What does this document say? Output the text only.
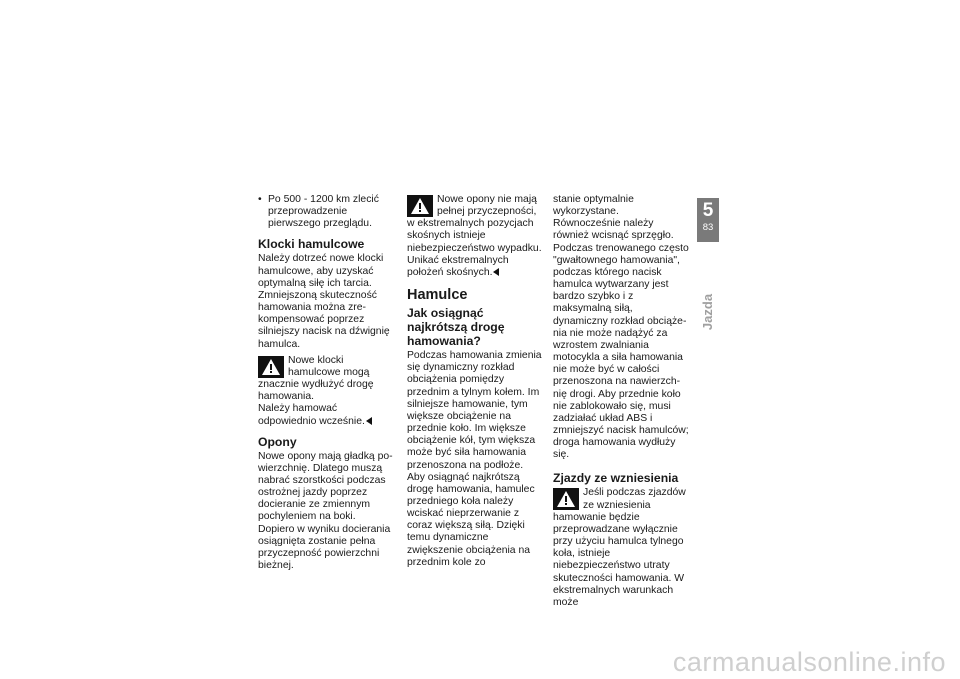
• Po 500 - 1200 km zlecić przeprowadzenie pierwszego przeglądu.

Klocki hamulcowe

Należy dotrzeć nowe klocki hamulcowe, aby uzyskać optymalną siłę ich tarcia. Zmniejszoną skuteczność hamowania można zrekompensować poprzez silniejszy nacisk na dźwignię hamulca.

Nowe klocki hamulcowe mogą znacznie wydłużyć drogę hamowania.

Należy hamować odpowiednio wcześnie.

Opony

Nowe opony mają gładką powierzchnię. Dlatego muszą nabrać szorstkości podczas ostrożnej jazdy poprzez docieranie ze zmiennym pochyleniem na boki. Dopiero w wyniku docierania osiągnięta zostanie pełna przyczepność powierzchni bieżnej.

Nowe opony nie mają pełnej przyczepności, w ekstremalnych pozycjach skośnych istnieje niebezpieczeństwo wypadku.

Unikać ekstremalnych położeń skośnych.

Hamulce
Jak osiągnąć najkrótszą drogę hamowania?

Podczas hamowania zmienia się dynamiczny rozkład obciążenia pomiędzy przednim a tylnym kołem. Im silniejsze hamowanie, tym większe obciążenie na przednie koło. Im większe obciążenie kół, tym większa może być siła hamowania przenoszona na podłoże.

Aby osiągnąć najkrótszą drogę hamowania, hamulec przedniego koła należy wciskać nieprzerwanie z coraz większą siłą. Dzięki temu dynamiczne zwiększenie obciążenia na przednim kole zo

stanie optymalnie wykorzystane. Równocześnie należy również wcisnąć sprzęgło. Podczas trenowanego często "gwałtownego hamowania", podczas którego nacisk hamulca wytwarzany jest bardzo szybko i z maksymalną siłą, dynamiczny rozkład obciążenia nie może nadążyć za wzrostem zwalniania motocykla a siła hamowania nie może być w całości przenoszona na nawierzchnię drogi. Aby przednie koło nie zablokowało się, musi zadziałać układ ABS i zmniejszyć nacisk hamulców; droga hamowania wydłuży się.

Zjazdy ze wzniesienia

Jeśli podczas zjazdów ze wzniesienia hamowanie będzie przeprowadzane wyłącznie przy użyciu hamulca tylnego koła, istnieje niebezpieczeństwo utraty skuteczności hamowania. W ekstremalnych warunkach może

5
83
Jazda
carmanualsonline.info
